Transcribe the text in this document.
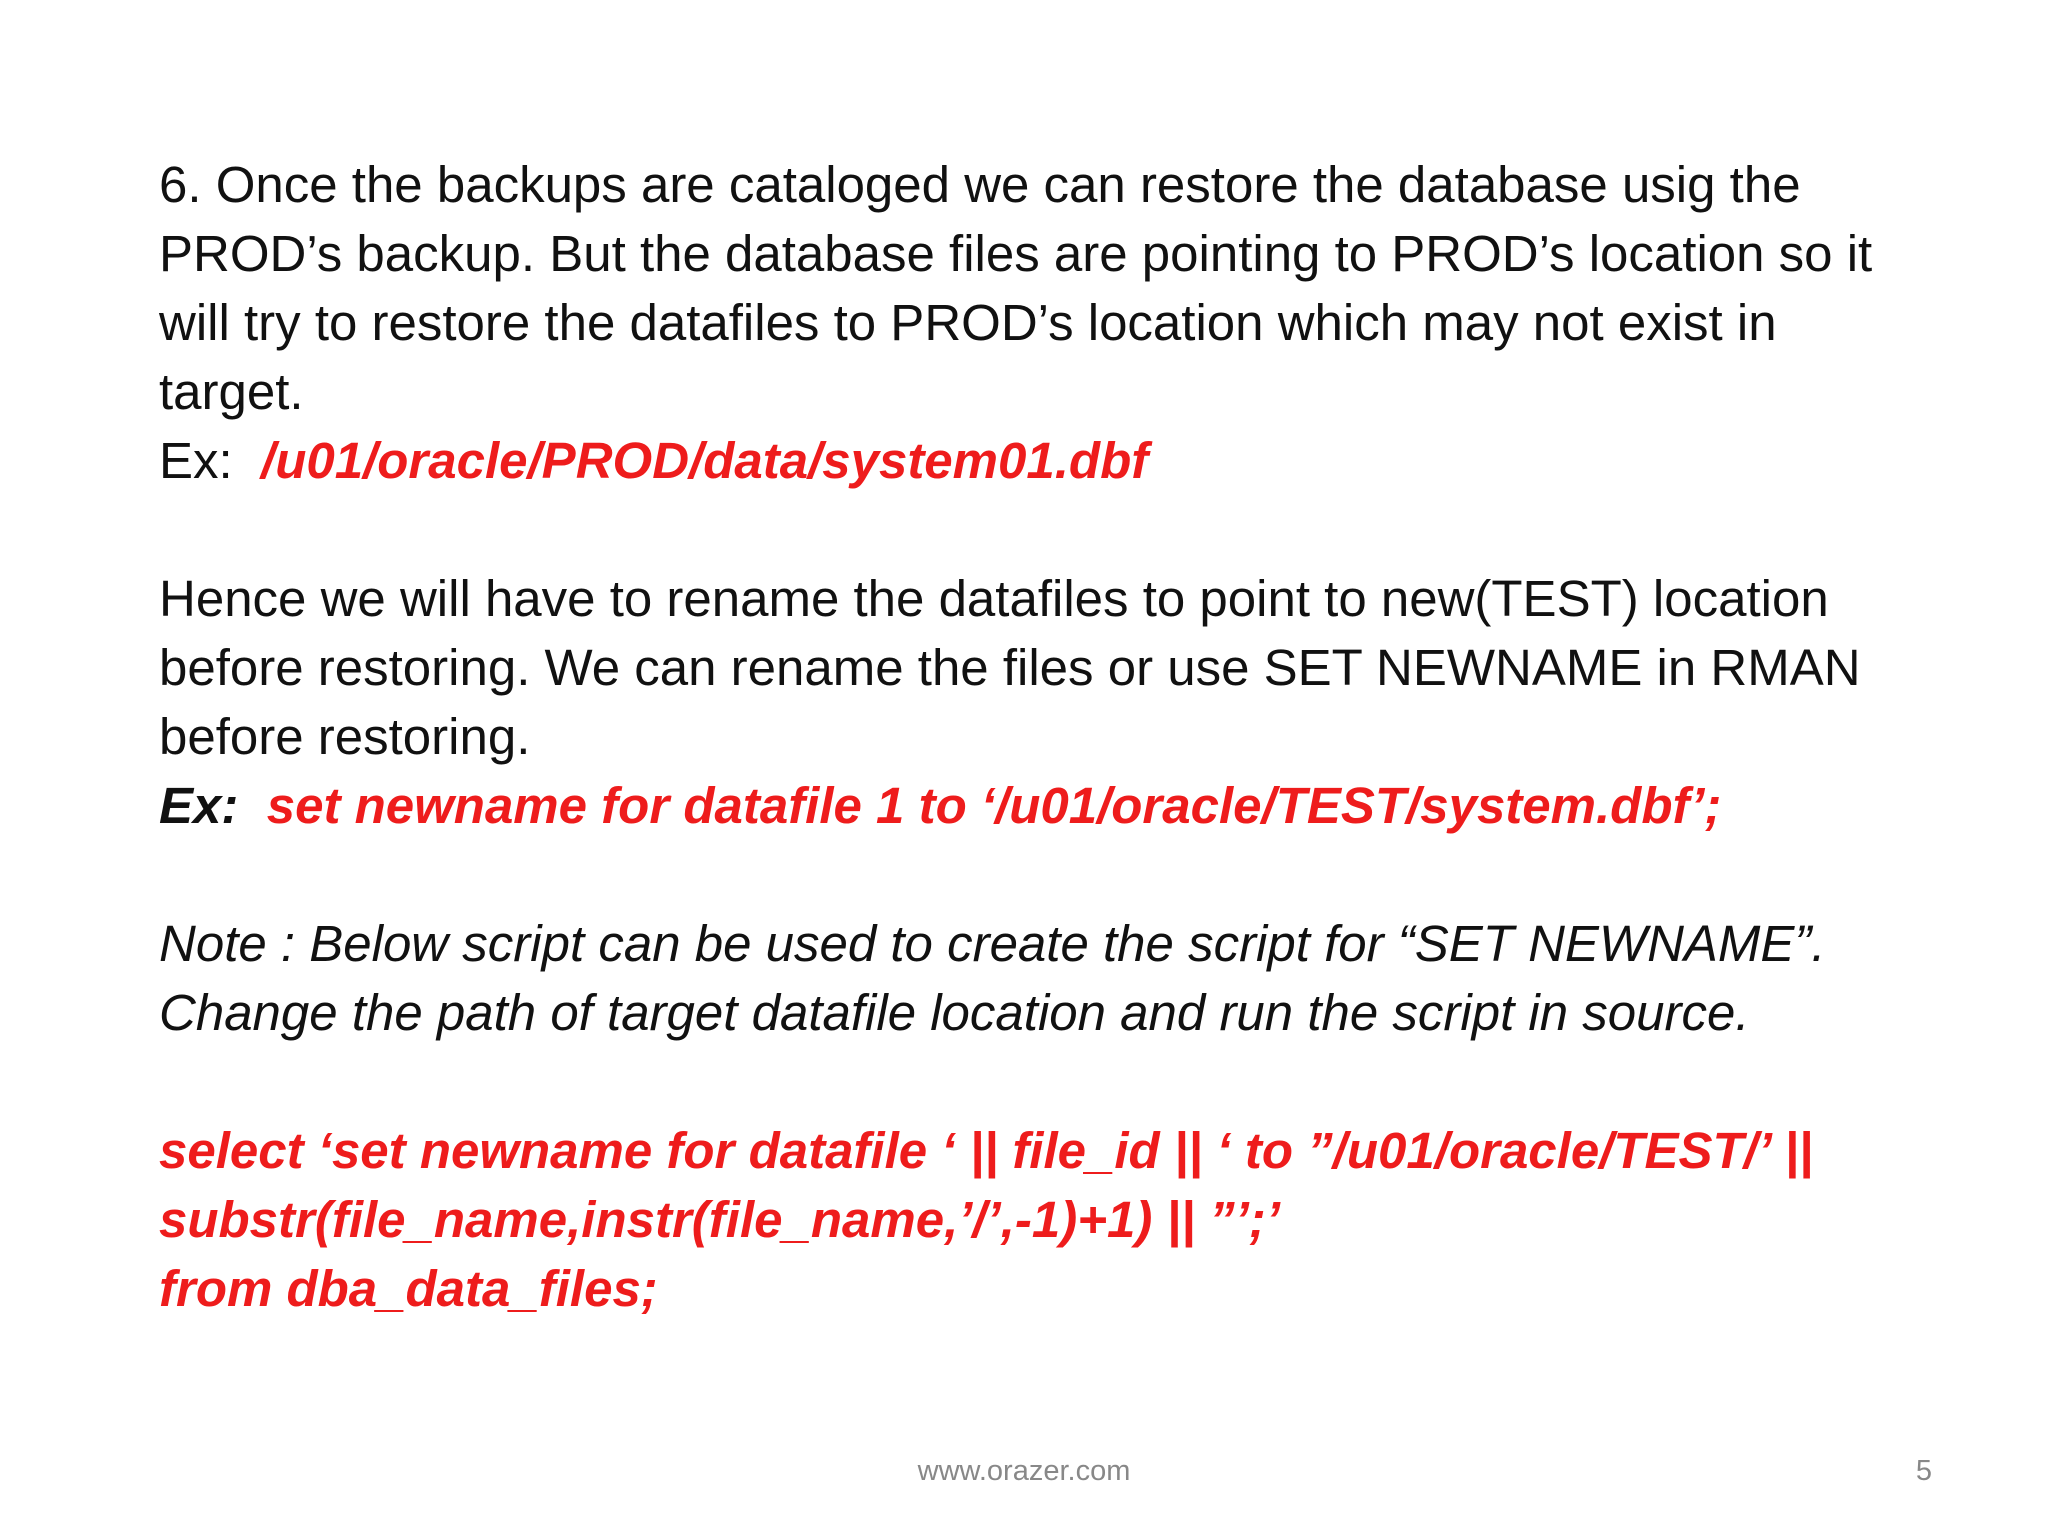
6. Once the backups are cataloged we can restore the database usig the
PROD’s backup. But the database files are pointing to PROD’s location so it
will try to restore the datafiles to PROD’s location which may not exist in
target.
Ex: /u01/oracle/PROD/data/system01.dbf
Hence we will have to rename the datafiles to point to new(TEST) location
before restoring. We can rename the files or use SET NEWNAME in RMAN
before restoring.
Ex: set newname for datafile 1 to ‘/u01/oracle/TEST/system.dbf’;
Note : Below script can be used to create the script for “SET NEWNAME”.
Change the path of target datafile location and run the script in source.
select ‘set newname for datafile ‘ || file_id || ‘ to ”/u01/oracle/TEST/’ ||
substr(file_name,instr(file_name,’/’,-1)+1) || ”’;’
from dba_data_files;
www.orazer.com	5
